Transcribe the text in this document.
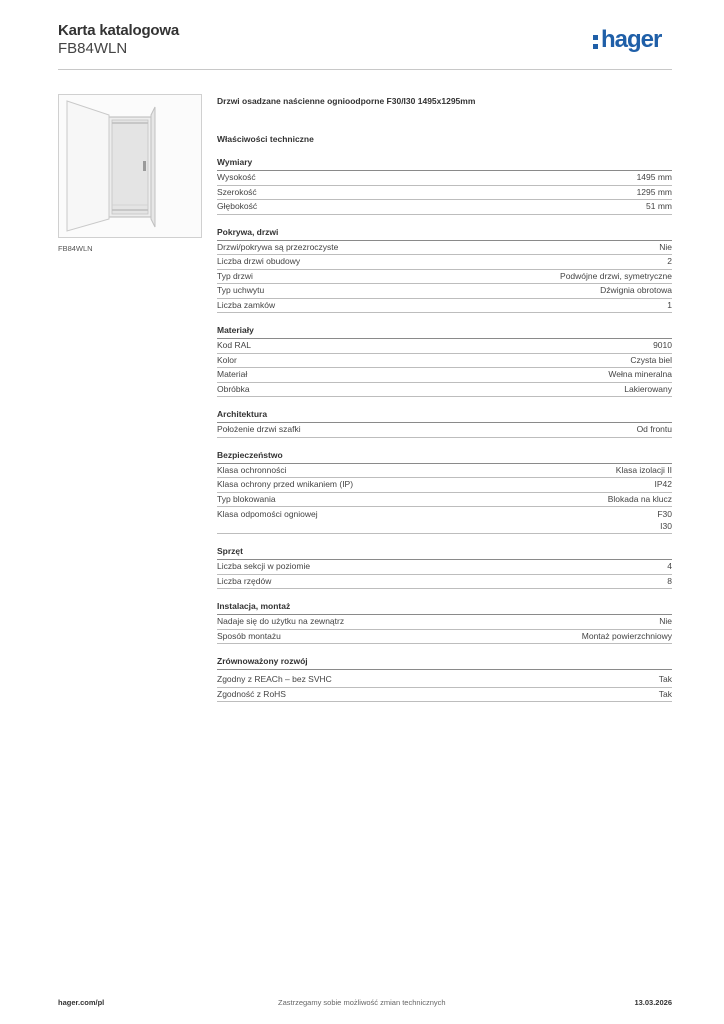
Karta katalogowa
FB84WLN	hager
FB84WLN
Drzwi osadzane naścienne ognioodporne F30/I30 1495x1295mm
Właściwości techniczne
Wymiary
Wysokość	1495 mm
Szerokość	1295 mm
Głębokość	51 mm
Pokrywa, drzwi
Drzwi/pokrywa są przezroczyste	Nie
Liczba drzwi obudowy	2
Typ drzwi	Podwójne drzwi, symetryczne
Typ uchwytu	Dźwignia obrotowa
Liczba zamków	1
Materiały
Kod RAL	9010
Kolor	Czysta biel
Materiał	Wełna mineralna
Obróbka	Lakierowany
Architektura
Położenie drzwi szafki	Od frontu
Bezpieczeństwo
Klasa ochronności	Klasa izolacji II
Klasa ochrony przed wnikaniem (IP)	IP42
Typ blokowania	Blokada na klucz
Klasa odpomości ogniowej	F30
I30
Sprzęt
Liczba sekcji w poziomie	4
Liczba rzędów	8
Instalacja, montaż
Nadaje się do użytku na zewnątrz	Nie
Sposób montażu	Montaż powierzchniowy
Zrównoważony rozwój
Zgodny z REACh – bez SVHC	Tak
Zgodność z RoHS	Tak
hager.com/pl	Zastrzegamy sobie możliwość zmian technicznych	13.03.2026
